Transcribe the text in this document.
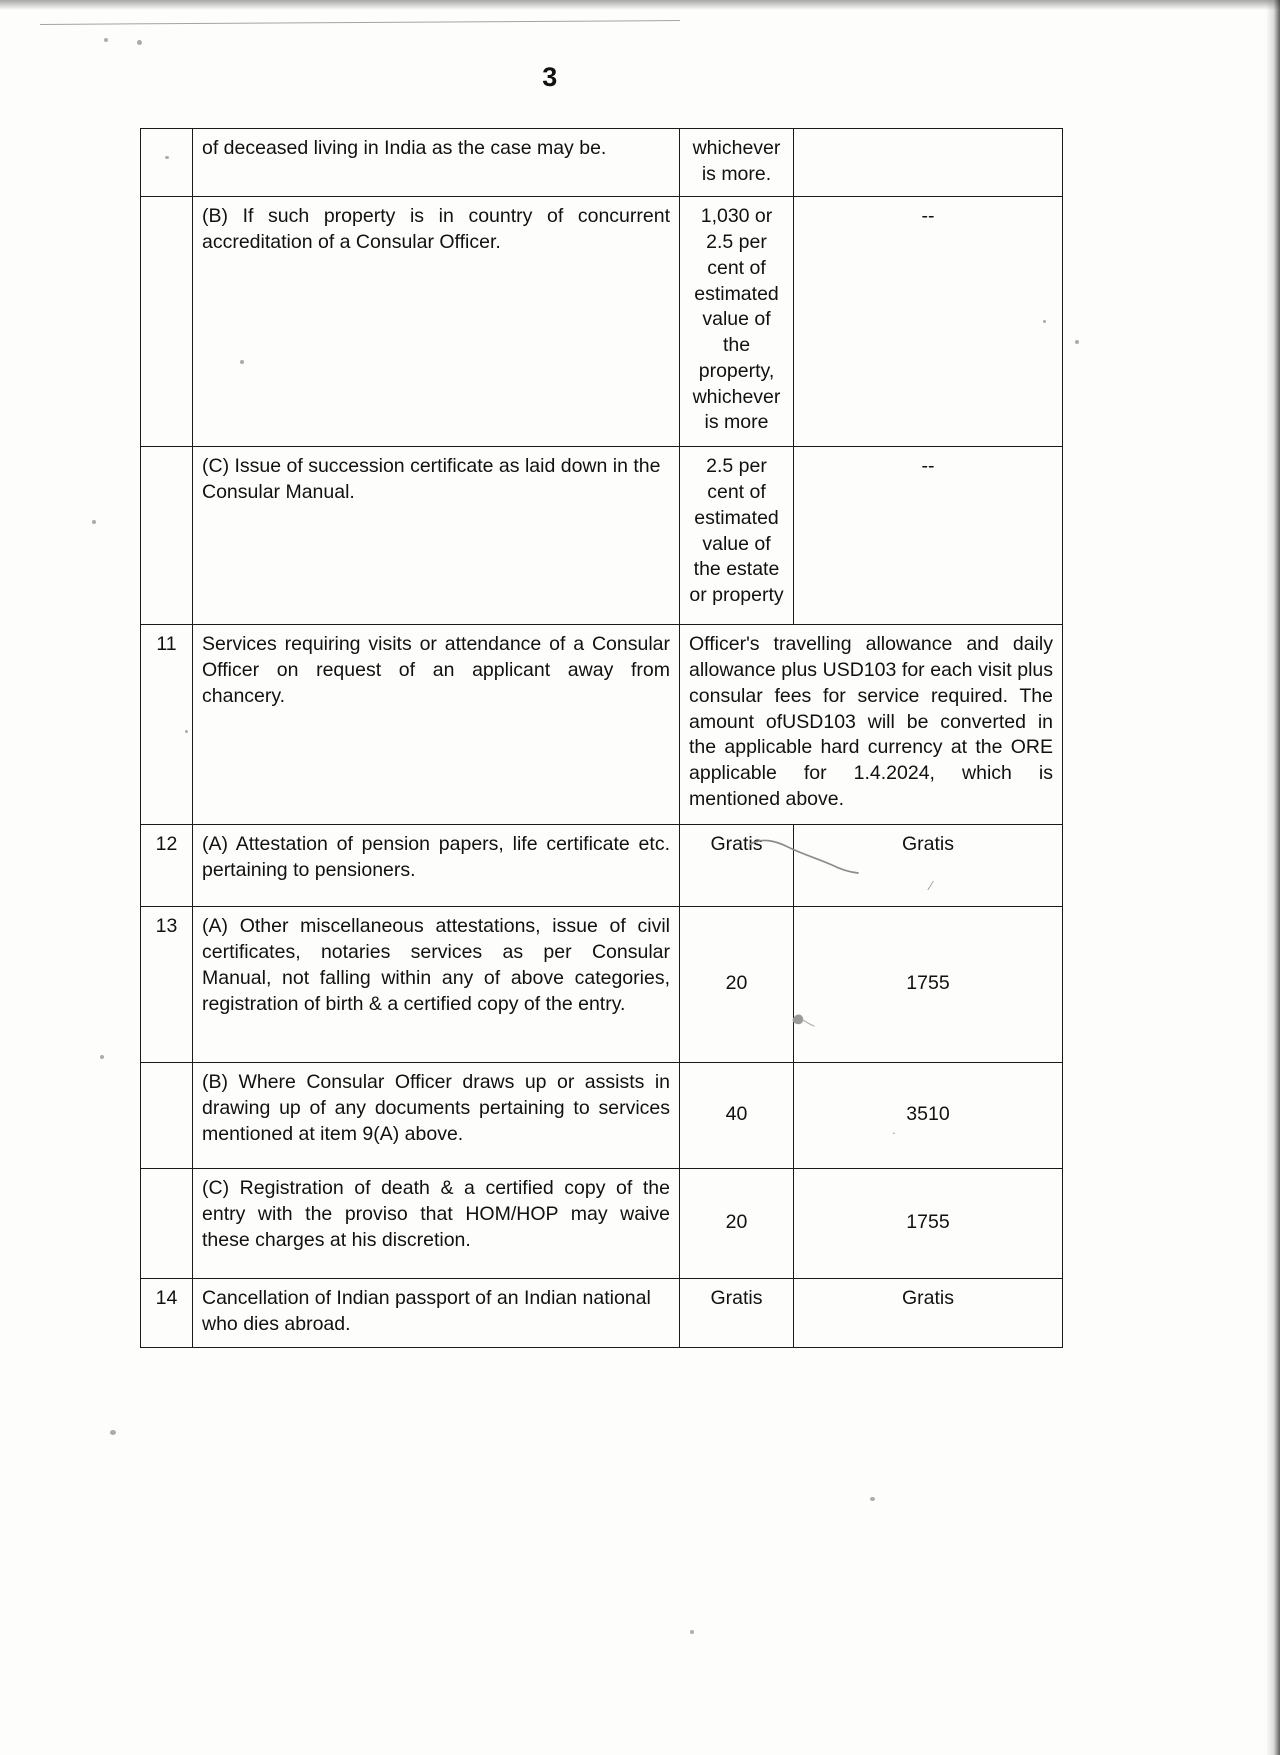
3
	of deceased living in India as the case may be.	whichever is more.	
	(B) If such property is in country of concurrent accreditation of a Consular Officer.	1,030 or 2.5 per cent of estimated value of the property, whichever is more	--
	(C) Issue of succession certificate as laid down in the Consular Manual.	2.5 per cent of estimated value of the estate or property	--
11	Services requiring visits or attendance of a Consular Officer on request of an applicant away from chancery.	Officer's travelling allowance and daily allowance plus USD103 for each visit plus consular fees for service required. The amount ofUSD103 will be converted in the applicable hard currency at the ORE applicable for 1.4.2024, which is mentioned above.	
12	(A) Attestation of pension papers, life certificate etc. pertaining to pensioners.	Gratis	Gratis
13	(A) Other miscellaneous attestations, issue of civil certificates, notaries services as per Consular Manual, not falling within any of above categories, registration of birth & a certified copy of the entry.	20	1755
	(B) Where Consular Officer draws up or assists in drawing up of any documents pertaining to services mentioned at item 9(A) above.	40	3510
	(C) Registration of death & a certified copy of the entry with the proviso that HOM/HOP may waive these charges at his discretion.	20	1755
14	Cancellation of Indian passport of an Indian national who dies abroad.	Gratis	Gratis
⁄
.
